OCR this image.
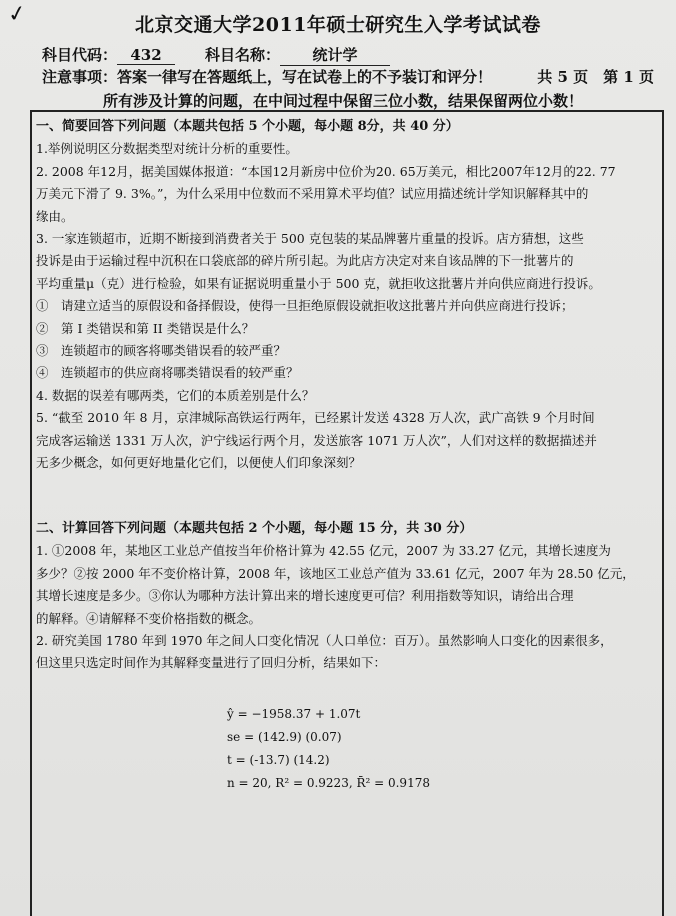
✓	北京交通大学2011年硕士研究生入学考试试卷
科目代码： 432	科目名称： 统计学
注意事项：答案一律写在答题纸上，写在试卷上的不予装订和评分！	共 5 页　第 1 页
所有涉及计算的问题，在中间过程中保留三位小数，结果保留两位小数！

一、简要回答下列问题（本题共包括 5 个小题，每小题 8分，共 40 分）

1.举例说明区分数据类型对统计分析的重要性。

2. 2008 年12月，据美国媒体报道：“本国12月新房中位价为20. 65万美元，相比2007年12月的22. 77

万美元下滑了 9. 3%。”，为什么采用中位数而不采用算术平均值？试应用描述统计学知识解释其中的

缘由。

3. 一家连锁超市，近期不断接到消费者关于 500 克包装的某品牌薯片重量的投诉。店方猜想，这些

投诉是由于运输过程中沉积在口袋底部的碎片所引起。为此店方决定对来自该品牌的下一批薯片的

平均重量μ（克）进行检验，如果有证据说明重量小于 500 克，就拒收这批薯片并向供应商进行投诉。

①　请建立适当的原假设和备择假设，使得一旦拒绝原假设就拒收这批薯片并向供应商进行投诉；

②　第 I 类错误和第 II 类错误是什么？

③　连锁超市的顾客将哪类错误看的较严重？

④　连锁超市的供应商将哪类错误看的较严重？

4. 数据的误差有哪两类，它们的本质差别是什么？

5. “截至 2010 年 8 月，京津城际高铁运行两年，已经累计发送 4328 万人次，武广高铁 9 个月时间

完成客运输送 1331 万人次，沪宁线运行两个月，发送旅客 1071 万人次”，人们对这样的数据描述并

无多少概念，如何更好地量化它们，以便使人们印象深刻？

二、计算回答下列问题（本题共包括 2 个小题，每小题 15 分，共 30 分）

1. ①2008 年，某地区工业总产值按当年价格计算为 42.55 亿元，2007 为 33.27 亿元，其增长速度为

多少？②按 2000 年不变价格计算，2008 年，该地区工业总产值为 33.61 亿元，2007 年为 28.50 亿元，

其增长速度是多少。③你认为哪种方法计算出来的增长速度更可信？利用指数等知识，请给出合理

的解释。④请解释不变价格指数的概念。

2. 研究美国 1780 年到 1970 年之间人口变化情况（人口单位：百万）。虽然影响人口变化的因素很多，

但这里只选定时间作为其解释变量进行了回归分析，结果如下：

ŷ = −1958.37 + 1.07t
se = (142.9) (0.07)
t = (-13.7) (14.2)
n = 20, R² = 0.9223, R̄² = 0.9178
